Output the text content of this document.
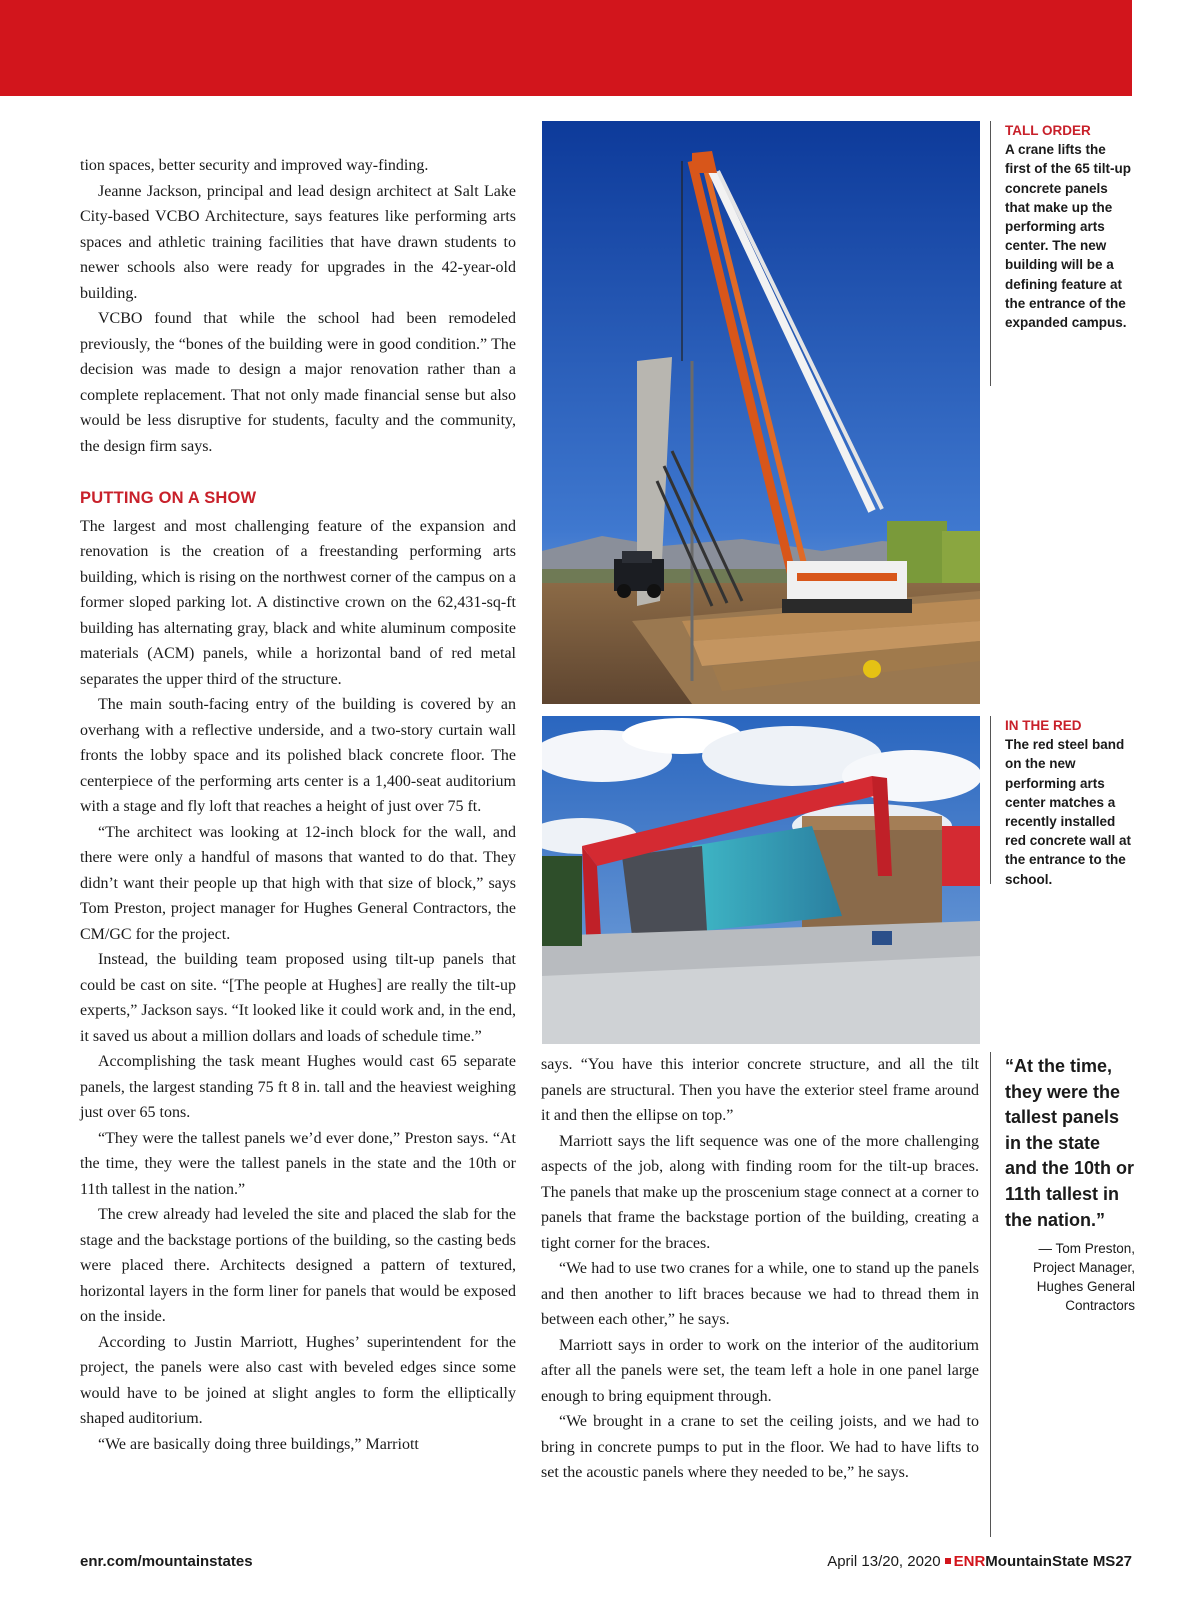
tion spaces, better security and improved way-finding.

Jeanne Jackson, principal and lead design architect at Salt Lake City-based VCBO Architecture, says features like performing arts spaces and athletic training facilities that have drawn students to newer schools also were ready for upgrades in the 42-year-old building.

VCBO found that while the school had been remodeled previously, the “bones of the building were in good condition.” The decision was made to design a major renovation rather than a complete replacement. That not only made financial sense but also would be less disruptive for students, faculty and the community, the design firm says.

PUTTING ON A SHOW

The largest and most challenging feature of the expansion and renovation is the creation of a freestanding performing arts building, which is rising on the northwest corner of the campus on a former sloped parking lot. A distinctive crown on the 62,431-sq-ft building has alternating gray, black and white aluminum composite materials (ACM) panels, while a horizontal band of red metal separates the upper third of the structure.

The main south-facing entry of the building is covered by an overhang with a reflective underside, and a two-story curtain wall fronts the lobby space and its polished black concrete floor. The centerpiece of the performing arts center is a 1,400-seat auditorium with a stage and fly loft that reaches a height of just over 75 ft.

“The architect was looking at 12-inch block for the wall, and there were only a handful of masons that wanted to do that. They didn’t want their people up that high with that size of block,” says Tom Preston, project manager for Hughes General Contractors, the CM/GC for the project.

Instead, the building team proposed using tilt-up panels that could be cast on site. “[The people at Hughes] are really the tilt-up experts,” Jackson says. “It looked like it could work and, in the end, it saved us about a million dollars and loads of schedule time.”

Accomplishing the task meant Hughes would cast 65 separate panels, the largest standing 75 ft 8 in. tall and the heaviest weighing just over 65 tons.

“They were the tallest panels we’d ever done,” Preston says. “At the time, they were the tallest panels in the state and the 10th or 11th tallest in the nation.”

The crew already had leveled the site and placed the slab for the stage and the backstage portions of the building, so the casting beds were placed there. Architects designed a pattern of textured, horizontal layers in the form liner for panels that would be exposed on the inside.

According to Justin Marriott, Hughes’ superintendent for the project, the panels were also cast with beveled edges since some would have to be joined at slight angles to form the elliptically shaped auditorium.

“We are basically doing three buildings,” Marriott

TALL ORDER
A crane lifts the first of the 65 tilt-up concrete panels that make up the performing arts center. The new building will be a defining feature at the entrance of the expanded campus.
IN THE RED
The red steel band on the new performing arts center matches a recently installed red concrete wall at the entrance to the school.

says. “You have this interior concrete structure, and all the tilt panels are structural. Then you have the exterior steel frame around it and then the ellipse on top.”

Marriott says the lift sequence was one of the more challenging aspects of the job, along with finding room for the tilt-up braces. The panels that make up the proscenium stage connect at a corner to panels that frame the backstage portion of the building, creating a tight corner for the braces.

“We had to use two cranes for a while, one to stand up the panels and then another to lift braces because we had to thread them in between each other,” he says.

Marriott says in order to work on the interior of the auditorium after all the panels were set, the team left a hole in one panel large enough to bring equipment through.

“We brought in a crane to set the ceiling joists, and we had to bring in concrete pumps to put in the floor. We had to have lifts to set the acoustic panels where they needed to be,” he says.

“At the time, they were the tallest panels in the state and the 10th or 11th tallest in the nation.”
— Tom Preston, Project Manager, Hughes General Contractors
enr.com/mountainstates	April 13/20, 2020 ENRMountainState MS27
